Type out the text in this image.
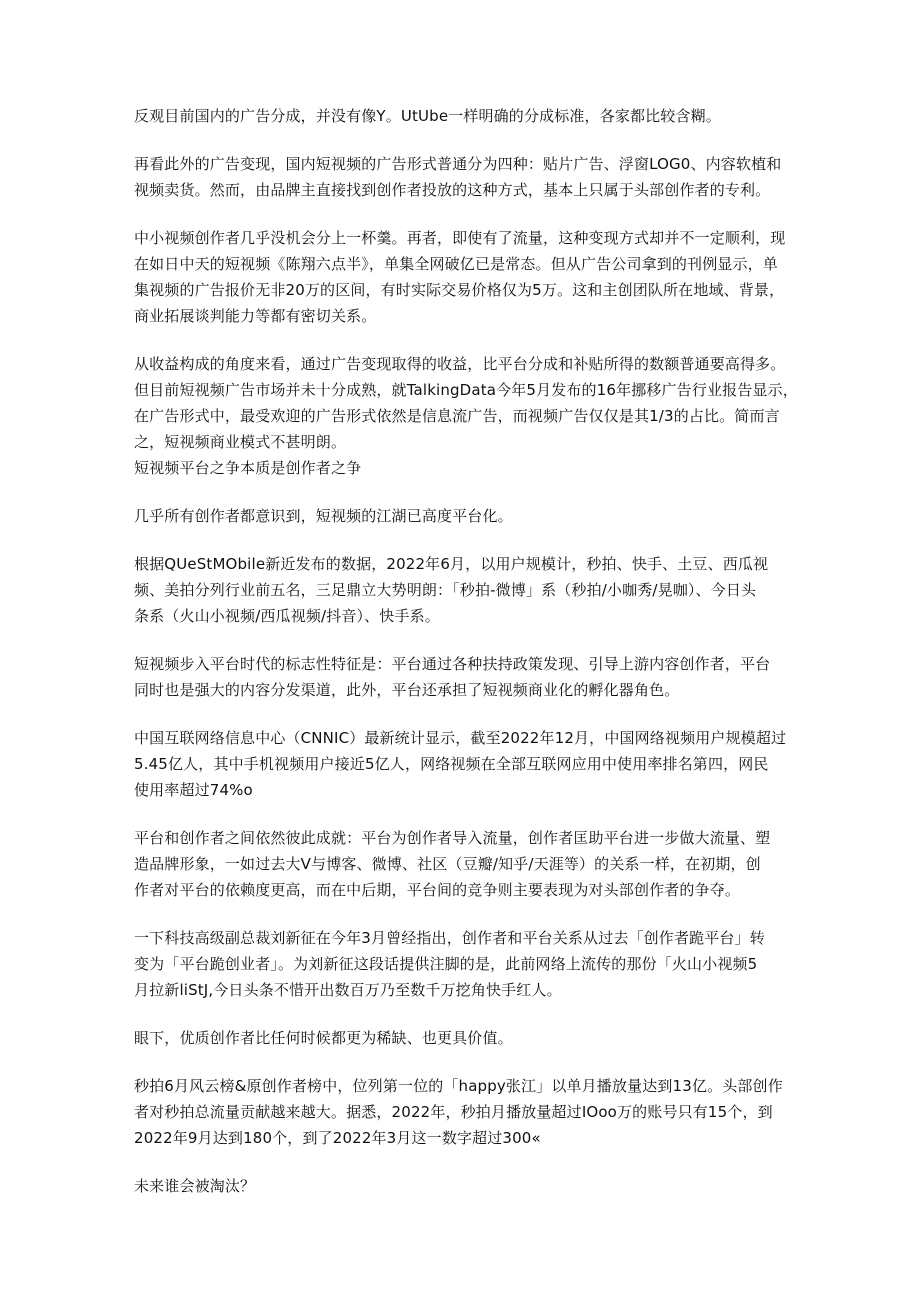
反观目前国内的广告分成，并没有像Y。UtUbe一样明确的分成标准，各家都比较含糊。
再看此外的广告变现，国内短视频的广告形式普通分为四种：贴片广告、浮窗LOG0、内容软植和
视频卖货。然而，由品牌主直接找到创作者投放的这种方式，基本上只属于头部创作者的专利。
中小视频创作者几乎没机会分上一杯羹。再者，即使有了流量，这种变现方式却并不一定顺利，现
在如日中天的短视频《陈翔六点半》，单集全网破亿已是常态。但从广告公司拿到的刊例显示，单
集视频的广告报价无非20万的区间，有时实际交易价格仅为5万。这和主创团队所在地域、背景，
商业拓展谈判能力等都有密切关系。
从收益构成的角度来看，通过广告变现取得的收益，比平台分成和补贴所得的数额普通要高得多。
但目前短视频广告市场并未十分成熟，就TalkingData今年5月发布的16年挪移广告行业报告显示，
在广告形式中，最受欢迎的广告形式依然是信息流广告，而视频广告仅仅是其1/3的占比。简而言
之，短视频商业模式不甚明朗。
短视频平台之争本质是创作者之争
几乎所有创作者都意识到，短视频的江湖已高度平台化。
根据QUeStMObile新近发布的数据，2022年6月，以用户规模计，秒拍、快手、土豆、西瓜视
频、美拍分列行业前五名，三足鼎立大势明朗：「秒拍-微博」系（秒拍/小咖秀/晃咖）、今日头
条系（火山小视频/西瓜视频/抖音）、快手系。
短视频步入平台时代的标志性特征是：平台通过各种扶持政策发现、引导上游内容创作者，平台
同时也是强大的内容分发渠道，此外，平台还承担了短视频商业化的孵化器角色。
中国互联网络信息中心（CNNIC）最新统计显示，截至2022年12月，中国网络视频用户规模超过
5.45亿人，其中手机视频用户接近5亿人，网络视频在全部互联网应用中使用率排名第四，网民
使用率超过74%o
平台和创作者之间依然彼此成就：平台为创作者导入流量，创作者匡助平台进一步做大流量、塑
造品牌形象，一如过去大V与博客、微博、社区（豆瓣/知乎/天涯等）的关系一样，在初期，创
作者对平台的依赖度更高，而在中后期，平台间的竞争则主要表现为对头部创作者的争夺。
一下科技高级副总裁刘新征在今年3月曾经指出，创作者和平台关系从过去「创作者跪平台」转
变为「平台跪创业者」。为刘新征这段话提供注脚的是，此前网络上流传的那份「火山小视频5
月拉新liStJ,今日头条不惜开出数百万乃至数千万挖角快手红人。
眼下，优质创作者比任何时候都更为稀缺、也更具价值。
秒拍6月风云榜&原创作者榜中，位列第一位的「happy张江」以单月播放量达到13亿。头部创作
者对秒拍总流量贡献越来越大。据悉，2022年，秒拍月播放量超过IOoo万的账号只有15个，到
2022年9月达到180个，到了2022年3月这一数字超过300«
未来谁会被淘汰？
